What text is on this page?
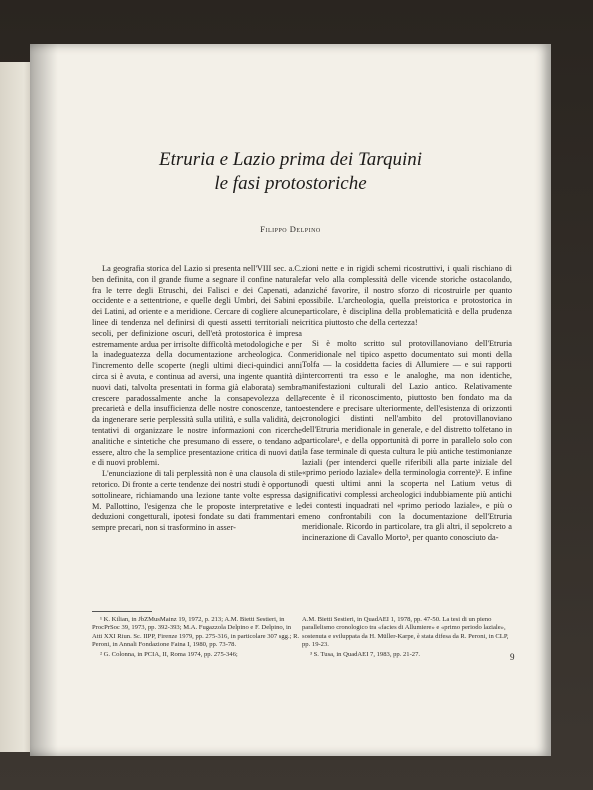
Etruria e Lazio prima dei Tarquini
le fasi protostoriche
Filippo Delpino

La geografia storica del Lazio si presenta nell'VIII sec. a.C. ben definita, con il grande fiume a segnare il confine naturale fra le terre degli Etruschi, dei Falisci e dei Capenati, ad occidente e a settentrione, e quelle degli Umbri, dei Sabini e dei Latini, ad oriente e a meridione. Cercare di cogliere alcune linee di tendenza nel definirsi di questi assetti territoriali nei secoli, per definizione oscuri, dell'età protostorica è impresa estremamente ardua per irrisolte difficoltà metodologiche e per la inadeguatezza della documentazione archeologica. Con l'incremento delle scoperte (negli ultimi dieci-quindici anni circa si è avuta, e continua ad aversi, una ingente quantità di nuovi dati, talvolta presentati in forma già elaborata) sembra crescere paradossalmente anche la consapevolezza della precarietà e della insufficienza delle nostre conoscenze, tanto da ingenerare serie perplessità sulla utilità, e sulla validità, dei tentativi di organizzare le nostre informazioni con ricerche analitiche e sintetiche che presumano di essere, o tendano ad essere, altro che la semplice presentazione critica di nuovi dati e di nuovi problemi.

L'enunciazione di tali perplessità non è una clausola di stile retorico. Di fronte a certe tendenze dei nostri studi è opportuno sottolineare, richiamando una lezione tante volte espressa da M. Pallottino, l'esigenza che le proposte interpretative e le deduzioni congetturali, ipotesi fondate su dati frammentari e sempre precari, non si trasformino in asser-

zioni nette e in rigidi schemi ricostruttivi, i quali rischiano di far velo alla complessità delle vicende storiche ostacolando, anziché favorire, il nostro sforzo di ricostruirle per quanto possibile. L'archeologia, quella preistorica e protostorica in particolare, è disciplina della problematicità e della prudenza critica piuttosto che della certezza!

Si è molto scritto sul protovillanoviano dell'Etruria meridionale nel tipico aspetto documentato sui monti della Tolfa — la cosiddetta facies di Allumiere — e sui rapporti intercorrenti tra esso e le analoghe, ma non identiche, manifestazioni culturali del Lazio antico. Relativamente recente è il riconoscimento, piuttosto ben fondato ma da estendere e precisare ulteriormente, dell'esistenza di orizzonti cronologici distinti nell'ambito del protovillanoviano dell'Etruria meridionale in generale, e del distretto tolfetano in particolare¹, e della opportunità di porre in parallelo solo con la fase terminale di questa cultura le più antiche testimonianze laziali (per intenderci quelle riferibili alla parte iniziale del «primo periodo laziale» della terminologia corrente)². E infine di questi ultimi anni la scoperta nel Latium vetus di significativi complessi archeologici indubbiamente più antichi dei contesti inquadrati nel «primo periodo laziale», e più o meno confrontabili con la documentazione dell'Etruria meridionale. Ricordo in particolare, tra gli altri, il sepolcreto a incinerazione di Cavallo Morto³, per quanto conosciuto da-

¹ K. Kilian, in JbZMusMainz 19, 1972, p. 213; A.M. Bietti Sestieri, in ProcPrSoc 39, 1973, pp. 392-393; M.A. Fugazzola Delpino e F. Delpino, in Atti XXI Riun. Sc. IIPP, Firenze 1979, pp. 275-316, in particolare 307 sgg.; R. Peroni, in Annali Fondazione Faina I, 1980, pp. 73-78.

² G. Colonna, in PCIA, II, Roma 1974, pp. 275-346;

A.M. Bietti Sestieri, in QuadAEI 1, 1978, pp. 47-50. La tesi di un pieno parallelismo cronologico tra «facies di Allumiere» e «primo periodo laziale», sostenuta e sviluppata da H. Müller-Karpe, è stata difesa da R. Peroni, in CLP, pp. 19-23.

³ S. Tusa, in QuadAEI 7, 1983, pp. 21-27.	9
